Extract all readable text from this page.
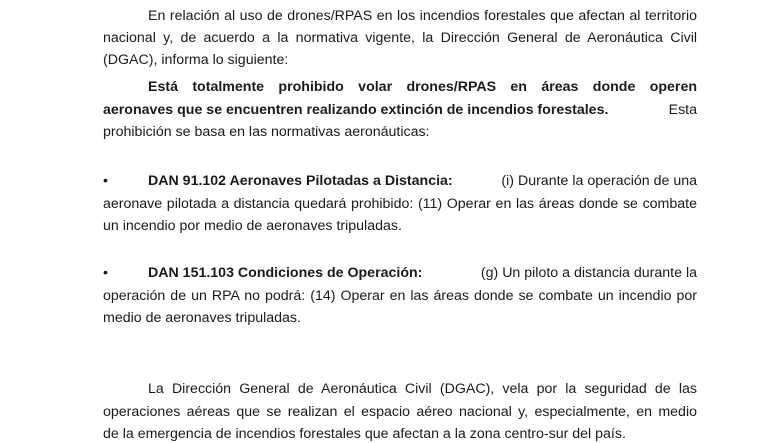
En relación al uso de drones/RPAS en los incendios forestales que afectan al territorio
nacional y, de acuerdo a la normativa vigente, la Dirección General de Aeronáutica Civil
(DGAC), informa lo siguiente:
Está totalmente prohibido volar drones/RPAS en áreas donde operen
aeronaves que se encuentren realizando extinción de incendios forestales.	Esta
prohibición se basa en las normativas aeronáuticas:
•	DAN 91.102 Aeronaves Pilotadas a Distancia:	(i) Durante la operación de una
aeronave pilotada a distancia quedará prohibido: (11) Operar en las áreas donde se combate
un incendio por medio de aeronaves tripuladas.
•	DAN 151.103 Condiciones de Operación:	(g) Un piloto a distancia durante la
operación de un RPA no podrá: (14) Operar en las áreas donde se combate un incendio por
medio de aeronaves tripuladas.
La Dirección General de Aeronáutica Civil (DGAC), vela por la seguridad de las
operaciones aéreas que se realizan el espacio aéreo nacional y, especialmente, en medio
de la emergencia de incendios forestales que afectan a la zona centro-sur del país.
